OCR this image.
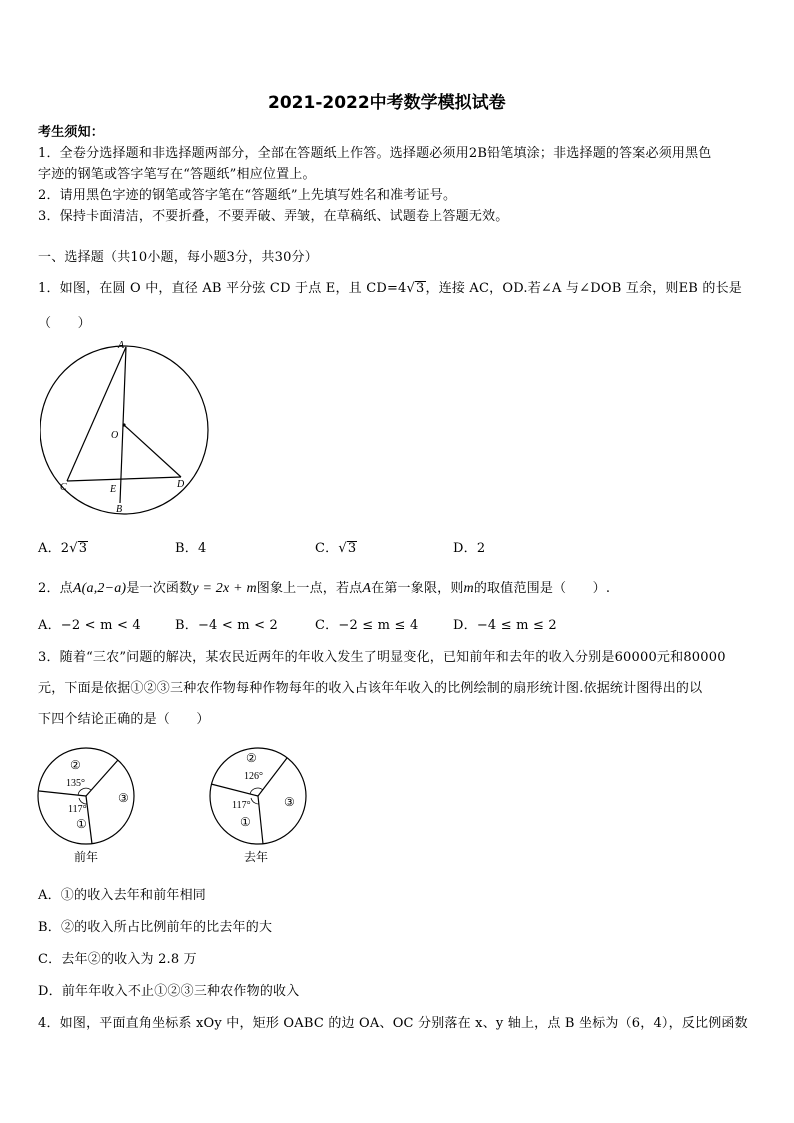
2021-2022中考数学模拟试卷
考生须知：
1．全卷分选择题和非选择题两部分，全部在答题纸上作答。选择题必须用2B铅笔填涂；非选择题的答案必须用黑色
字迹的钢笔或答字笔写在“答题纸”相应位置上。
2．请用黑色字迹的钢笔或答字笔在“答题纸”上先填写姓名和准考证号。
3．保持卡面清洁，不要折叠，不要弄破、弄皱，在草稿纸、试题卷上答题无效。
一、选择题（共10小题，每小题3分，共30分）
1．如图，在圆 O 中，直径 AB 平分弦 CD 于点 E，且 CD=4√3，连接 AC，OD.若∠A 与∠DOB 互余，则EB 的长是
（　　）
A
O
C	E	D
B
A．2√3	B．4	C．√3	D．2
2．点A(a,2−a)是一次函数y = 2x + m图象上一点，若点A在第一象限，则m的取值范围是（　　）.
A．−2 < m < 4	B．−4 < m < 2	C．−2 ≤ m ≤ 4	D．−4 ≤ m ≤ 2
3．随着“三农”问题的解决，某农民近两年的年收入发生了明显变化，已知前年和去年的收入分别是60000元和80000
元，下面是依据①②③三种农作物每种作物每年的收入占该年年收入的比例绘制的扇形统计图.依据统计图得出的以
下四个结论正确的是（　　）
②
135°
117°
①
③
前年
②
126°
117°
①
③
去年
A．①的收入去年和前年相同
B．②的收入所占比例前年的比去年的大
C．去年②的收入为 2.8 万
D．前年年收入不止①②③三种农作物的收入
4．如图，平面直角坐标系 xOy 中，矩形 OABC 的边 OA、OC 分别落在 x、y 轴上，点 B 坐标为（6，4），反比例函数
